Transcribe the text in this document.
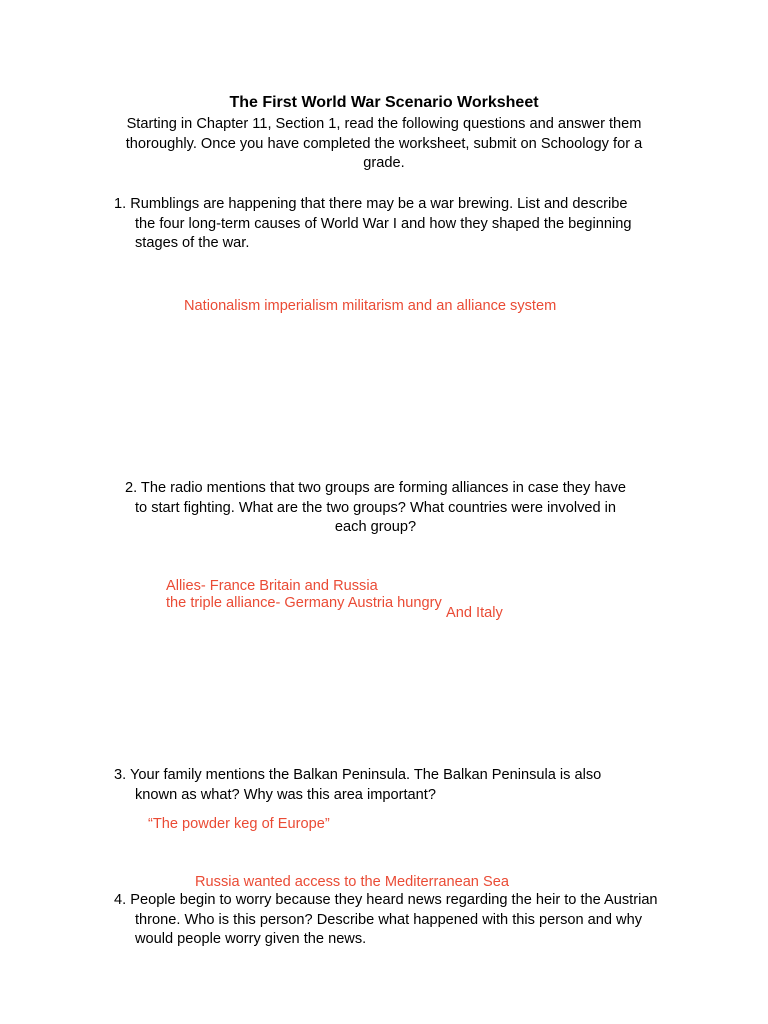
The First World War Scenario Worksheet
Starting in Chapter 11, Section 1, read the following questions and answer them
thoroughly. Once you have completed the worksheet, submit on Schoology for a
grade.
1. Rumblings are happening that there may be a war brewing. List and describe
the four long-term causes of World War I and how they shaped the beginning
stages of the war.
Nationalism imperialism militarism and an alliance system
2. The radio mentions that two groups are forming alliances in case they have
to start fighting. What are the two groups? What countries were involved in
each group?
Allies- France Britain and Russia
the triple alliance- Germany Austria hungry
And Italy
3. Your family mentions the Balkan Peninsula. The Balkan Peninsula is also
known as what? Why was this area important?
“The powder keg of Europe”
Russia wanted access to the Mediterranean Sea
4. People begin to worry because they heard news regarding the heir to the Austrian
throne. Who is this person? Describe what happened with this person and why
would people worry given the news.
